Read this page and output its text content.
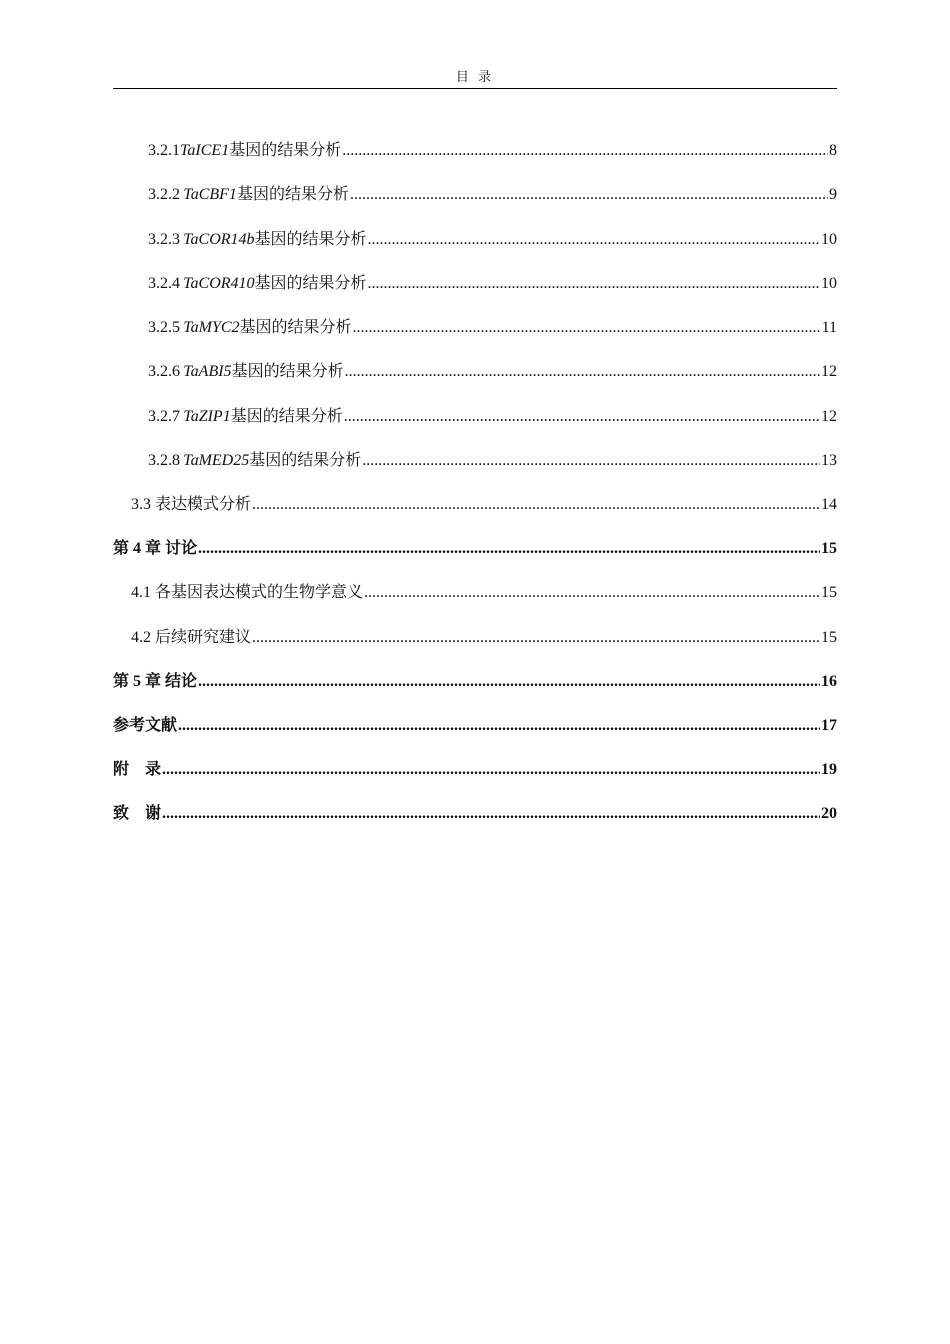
目 录
3.2.1 TaICE1 基因的结果分析 .....	8
3.2.2 TaCBF1 基因的结果分析 .....	9
3.2.3 TaCOR14b 基因的结果分析 .....	10
3.2.4 TaCOR410 基因的结果分析 .....	10
3.2.5 TaMYC2 基因的结果分析 .....	11
3.2.6 TaABI5 基因的结果分析 .....	12
3.2.7 TaZIP1 基因的结果分析 .....	12
3.2.8 TaMED25 基因的结果分析 .....	13
3.3 表达模式分析 .....	14
第 4 章 讨论 .....	15
4.1 各基因表达模式的生物学意义 .....	15
4.2 后续研究建议 .....	15
第 5 章 结论 .....	16
参考文献 .....	17
附    录 .....	19
致    谢 .....	20
